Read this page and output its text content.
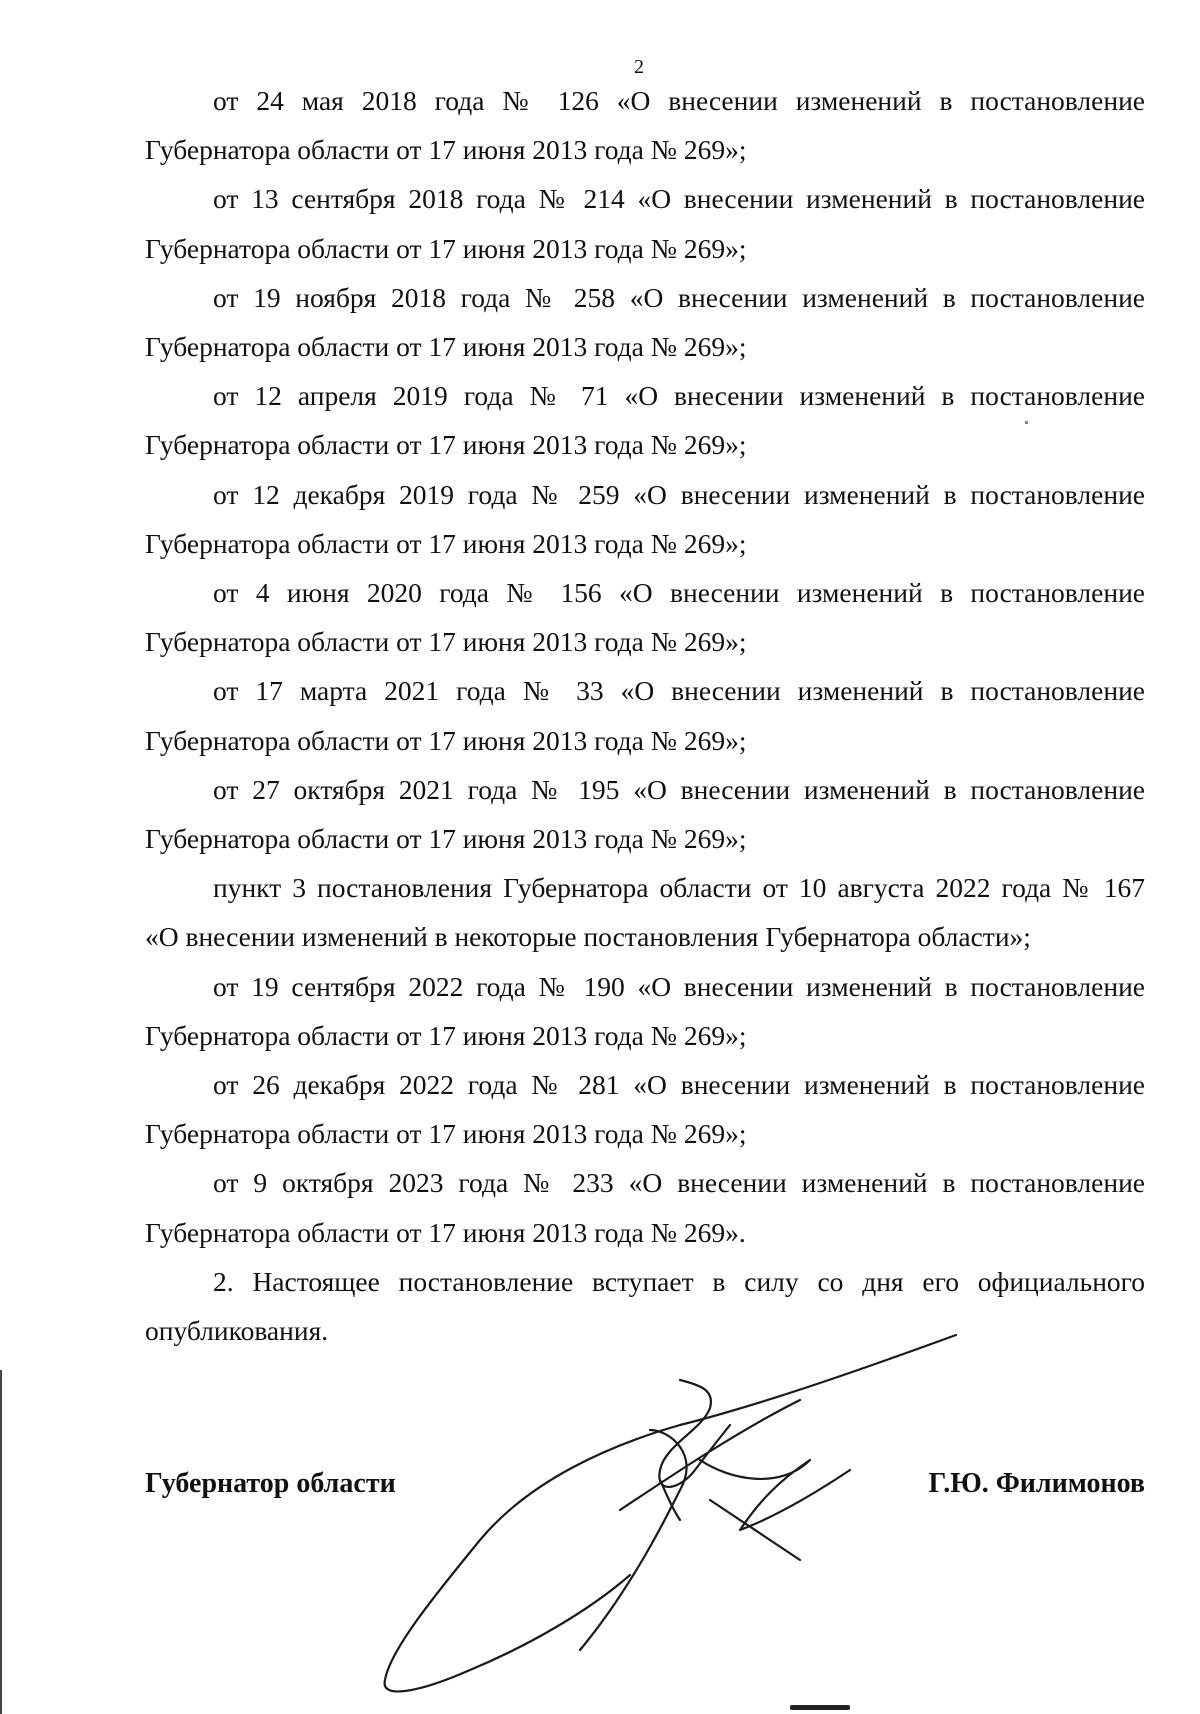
2

от 24 мая 2018 года № 126 «О внесении изменений в постановление
Губернатора области от 17 июня 2013 года № 269»;

от 13 сентября 2018 года № 214 «О внесении изменений в постановление
Губернатора области от 17 июня 2013 года № 269»;

от 19 ноября 2018 года № 258 «О внесении изменений в постановление
Губернатора области от 17 июня 2013 года № 269»;

от 12 апреля 2019 года № 71 «О внесении изменений в постановление
Губернатора области от 17 июня 2013 года № 269»;

от 12 декабря 2019 года № 259 «О внесении изменений в постановление
Губернатора области от 17 июня 2013 года № 269»;

от 4 июня 2020 года № 156 «О внесении изменений в постановление
Губернатора области от 17 июня 2013 года № 269»;

от 17 марта 2021 года № 33 «О внесении изменений в постановление
Губернатора области от 17 июня 2013 года № 269»;

от 27 октября 2021 года № 195 «О внесении изменений в постановление
Губернатора области от 17 июня 2013 года № 269»;

пункт 3 постановления Губернатора области от 10 августа 2022 года № 167
«О внесении изменений в некоторые постановления Губернатора области»;

от 19 сентября 2022 года № 190 «О внесении изменений в постановление
Губернатора области от 17 июня 2013 года № 269»;

от 26 декабря 2022 года № 281 «О внесении изменений в постановление
Губернатора области от 17 июня 2013 года № 269»;

от 9 октября 2023 года № 233 «О внесении изменений в постановление
Губернатора области от 17 июня 2013 года № 269».

2. Настоящее постановление вступает в силу со дня его официального
опубликования.

Губернатор области	Г.Ю. Филимонов
